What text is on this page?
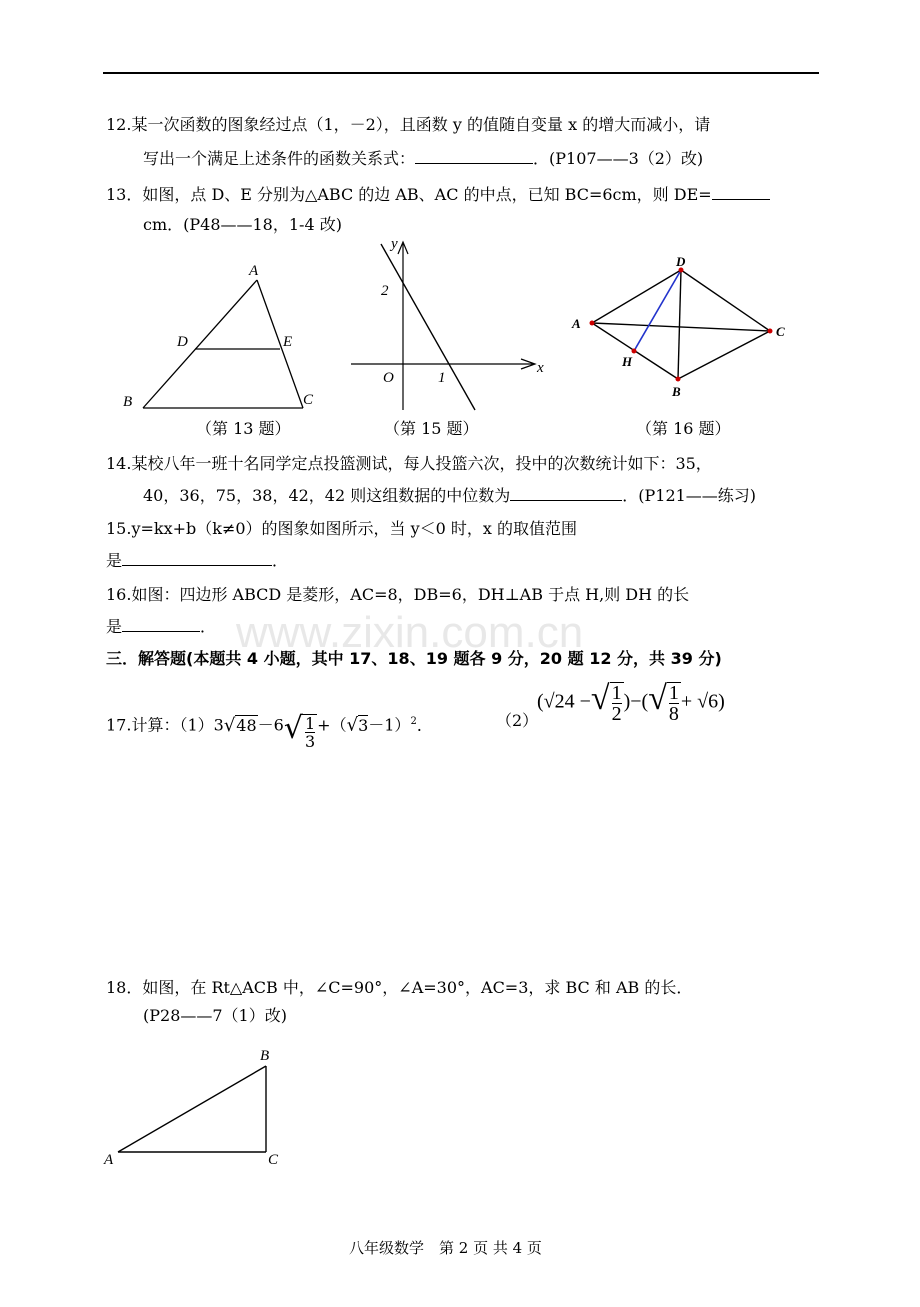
12.某一次函数的图象经过点（1，－2），且函数 y 的值随自变量 x 的增大而减小，请
写出一个满足上述条件的函数关系式：	．(P107——3（2）改)
13．如图，点 D、E 分别为△ABC 的边 AB、AC 的中点，已知 BC=6cm，则 DE=
cm．(P48——18，1-4 改)
A
D	E
B	C
（第 13 题）
y
x
O
2
1
（第 15 题）
D
A
C
H
B
（第 16 题）
14.某校八年一班十名同学定点投篮测试，每人投篮六次，投中的次数统计如下：35，
40，36，75，38，42，42 则这组数据的中位数为	．(P121——练习)
15.y=kx+b（k≠0）的图象如图所示，当 y＜0 时，x 的取值范围
是	．
16.如图：四边形 ABCD 是菱形，AC=8，DB=6，DH⊥AB 于点 H,则 DH 的长
是	． www.zixin.com.cn
三．解答题(本题共 4 小题，其中 17、18、19 题各 9 分，20 题 12 分，共 39 分)
17.计算：$(1)3√48-6√ \frac{1}{3} +(√3-1)^2$．	（2）
(√24 −√ $\frac{1}{2}$ )−(√ $\frac{1}{8} + √6$)
18．如图，在 Rt△ACB 中，∠C=90°，∠A=30°，AC=3，求 BC 和 AB 的长．
(P28——7（1）改)
B
A	C
八年级数学　第 2 页 共 4 页
